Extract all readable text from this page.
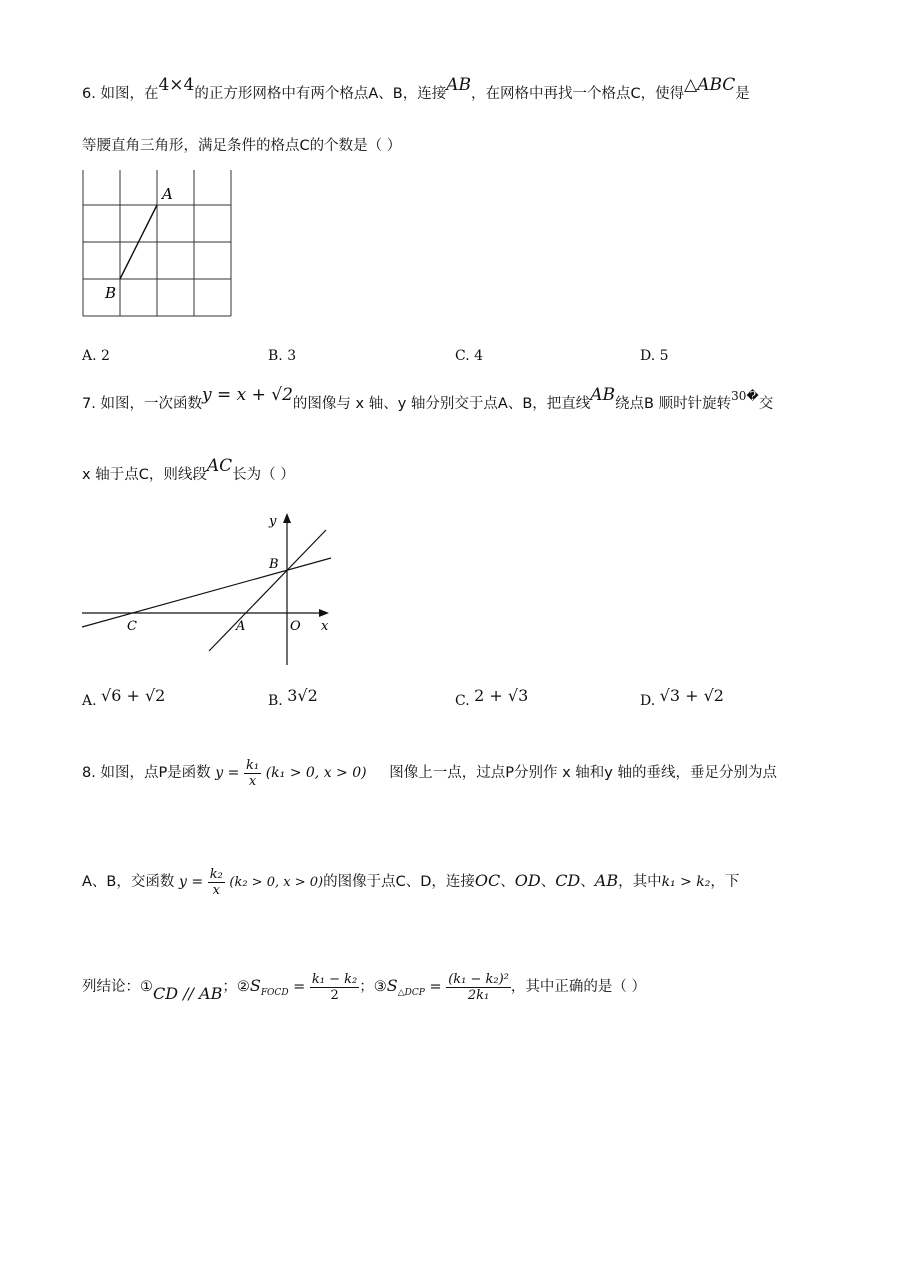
6. 如图，在4×4的正方形网格中有两个格点A、B，连接AB，在网格中再找一个格点C，使得△ABC是
等腰直角三角形，满足条件的格点C的个数是（ ）
A
B
A. 2	B. 3	C. 4	D. 5
7. 如图，一次函数y = x + √2的图像与 x 轴、y 轴分别交于点A、B，把直线AB绕点B 顺时针旋转$^{30�}$交
x 轴于点C，则线段AC长为（ ）
y
x
B
C	A	O
A. √6 + √2	B. 3√2	C. 2 + √3	D. √3 + √2
8. 如图，点P是函数 $y = \frac{\text{k₁}}{x} (k_1 > 0$, x > 0) 图像上一点，过点P分别作 x 轴和y 轴的垂线，垂足分别为点
A、B，交函数 $y = \frac{\text{k₂}}{x} (k_2 > 0$, x > 0)的图像于点C、D，连接OC、OD、CD、AB，其中k₁ > k₂，下
列结论：①CD // AB；$②S_{FOCD} = \frac{\text{k₁ − k₂}}{2}$ ；$③S_{\triangle DCP} = \frac{\text{(k₁ − k₂)²}}{\text{2k₁}}$ ，其中正确的是（ ）
